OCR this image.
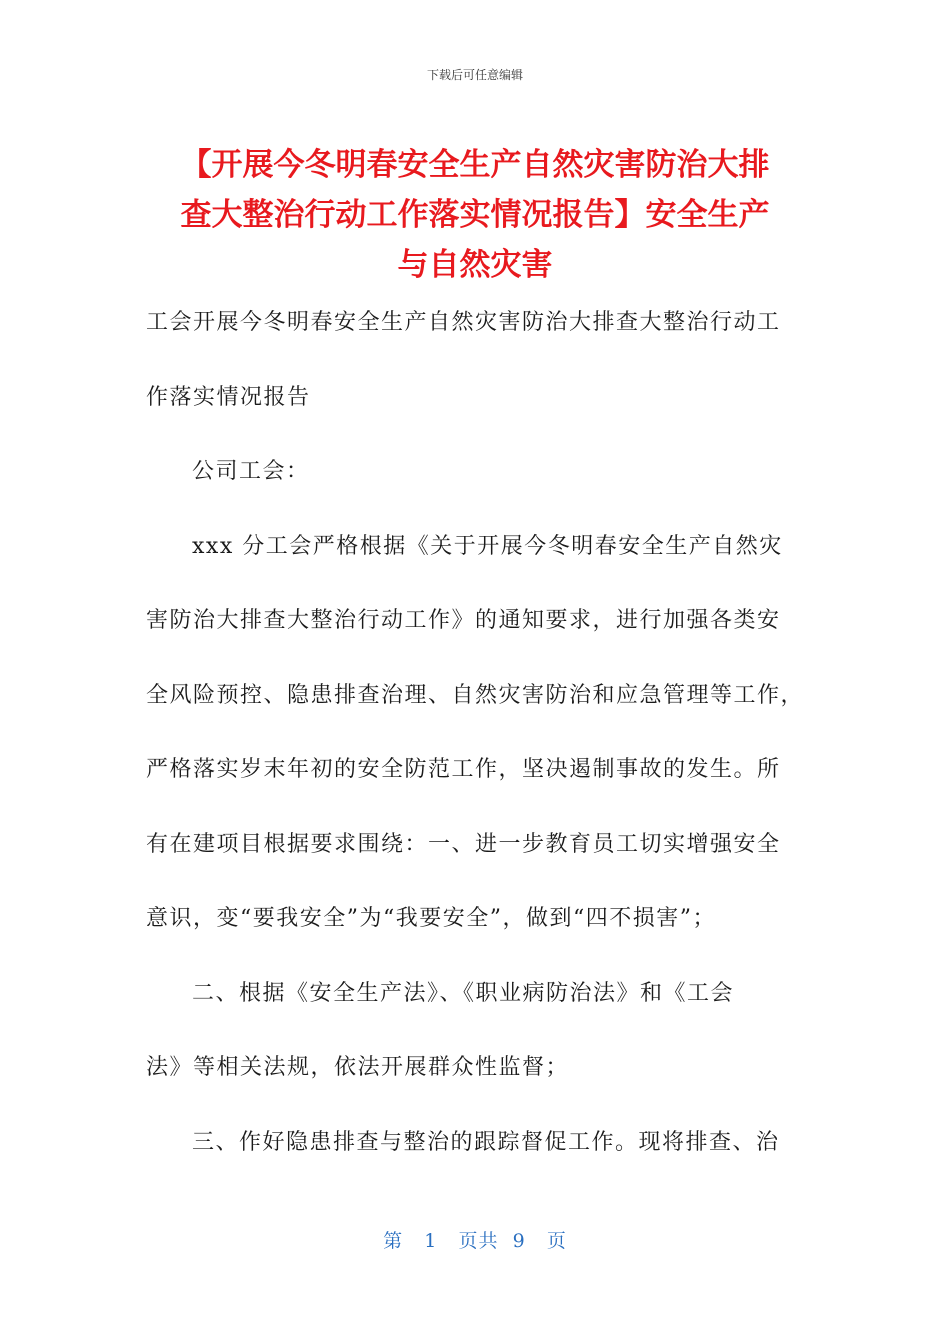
下载后可任意编辑
【开展今冬明春安全生产自然灾害防治大排
查大整治行动工作落实情况报告】安全生产
与自然灾害
工会开展今冬明春安全生产自然灾害防治大排查大整治行动工
作落实情况报告
公司工会：
xxx 分工会严格根据《关于开展今冬明春安全生产自然灾
害防治大排查大整治行动工作》的通知要求，进行加强各类安
全风险预控、隐患排查治理、自然灾害防治和应急管理等工作，
严格落实岁末年初的安全防范工作，坚决遏制事故的发生。所
有在建项目根据要求围绕：一、进一步教育员工切实增强安全
意识，变“要我安全”为“我要安全”，做到“四不损害”；
二、根据《安全生产法》、《职业病防治法》和《工会
法》等相关法规，依法开展群众性监督；
三、作好隐患排查与整治的跟踪督促工作。现将排查、治
第 1 页共 9 页
